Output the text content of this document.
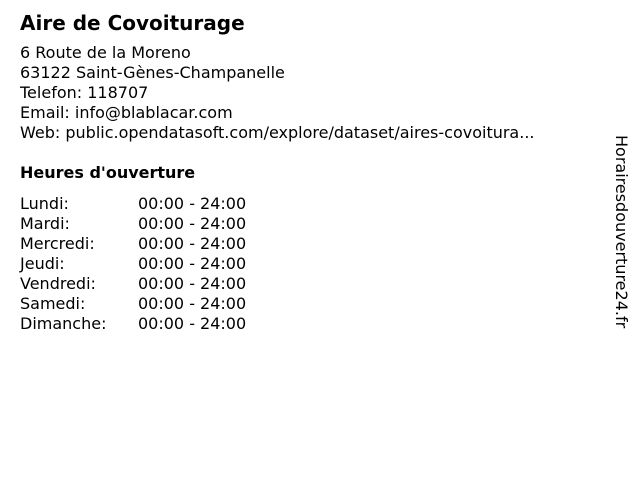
Aire de Covoiturage
6 Route de la Moreno
63122 Saint-Gènes-Champanelle
Telefon: 118707
Email: info@blablacar.com
Web: public.opendatasoft.com/explore/dataset/aires-covoitura...
Heures d'ouverture
Lundi:	00:00 - 24:00
Mardi:	00:00 - 24:00
Mercredi:	00:00 - 24:00
Jeudi:	00:00 - 24:00
Vendredi:	00:00 - 24:00
Samedi:	00:00 - 24:00
Dimanche:	00:00 - 24:00	Horairesdouverture24.fr
